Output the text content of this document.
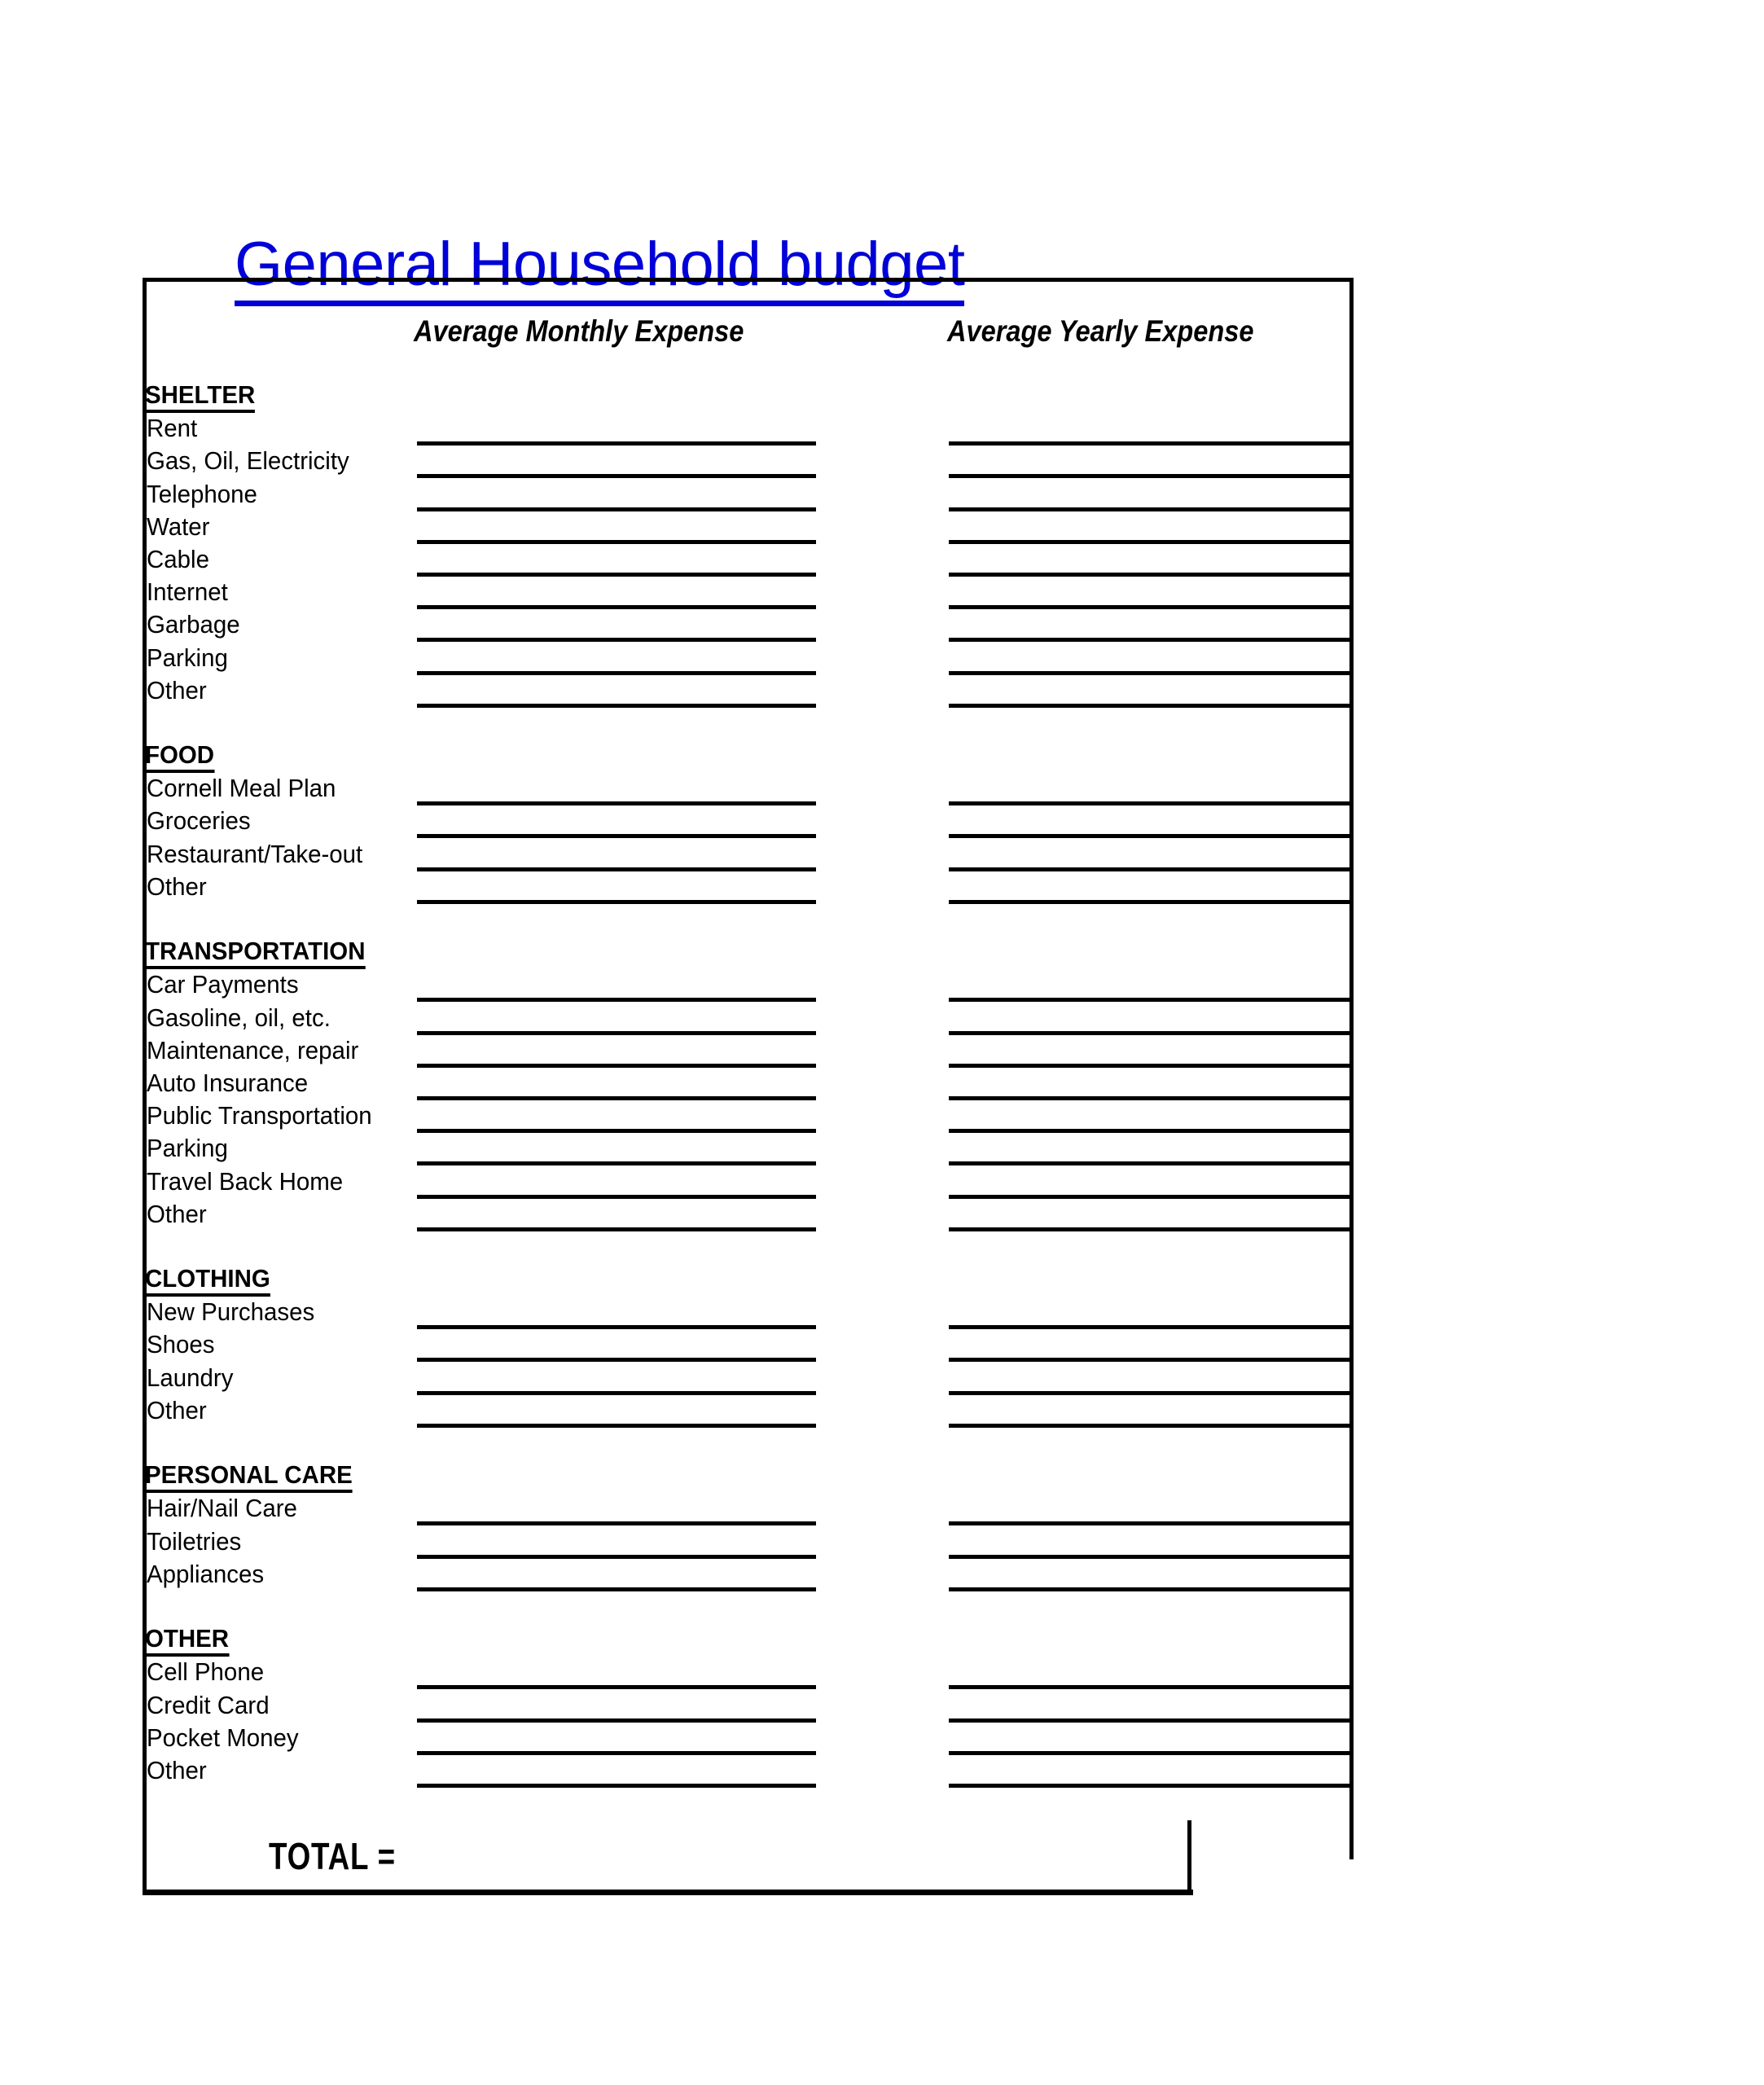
General Household budget
Average Monthly Expense	Average Yearly Expense
SHELTER
Rent
Gas, Oil, Electricity
Telephone
Water
Cable
Internet
Garbage
Parking
Other
FOOD
Cornell Meal Plan
Groceries
Restaurant/Take-out
Other
TRANSPORTATION
Car Payments
Gasoline, oil, etc.
Maintenance, repair
Auto Insurance
Public Transportation
Parking
Travel Back Home
Other
CLOTHING
New Purchases
Shoes
Laundry
Other
PERSONAL CARE
Hair/Nail Care
Toiletries
Appliances
OTHER
Cell Phone
Credit Card
Pocket Money
Other
TOTAL =
